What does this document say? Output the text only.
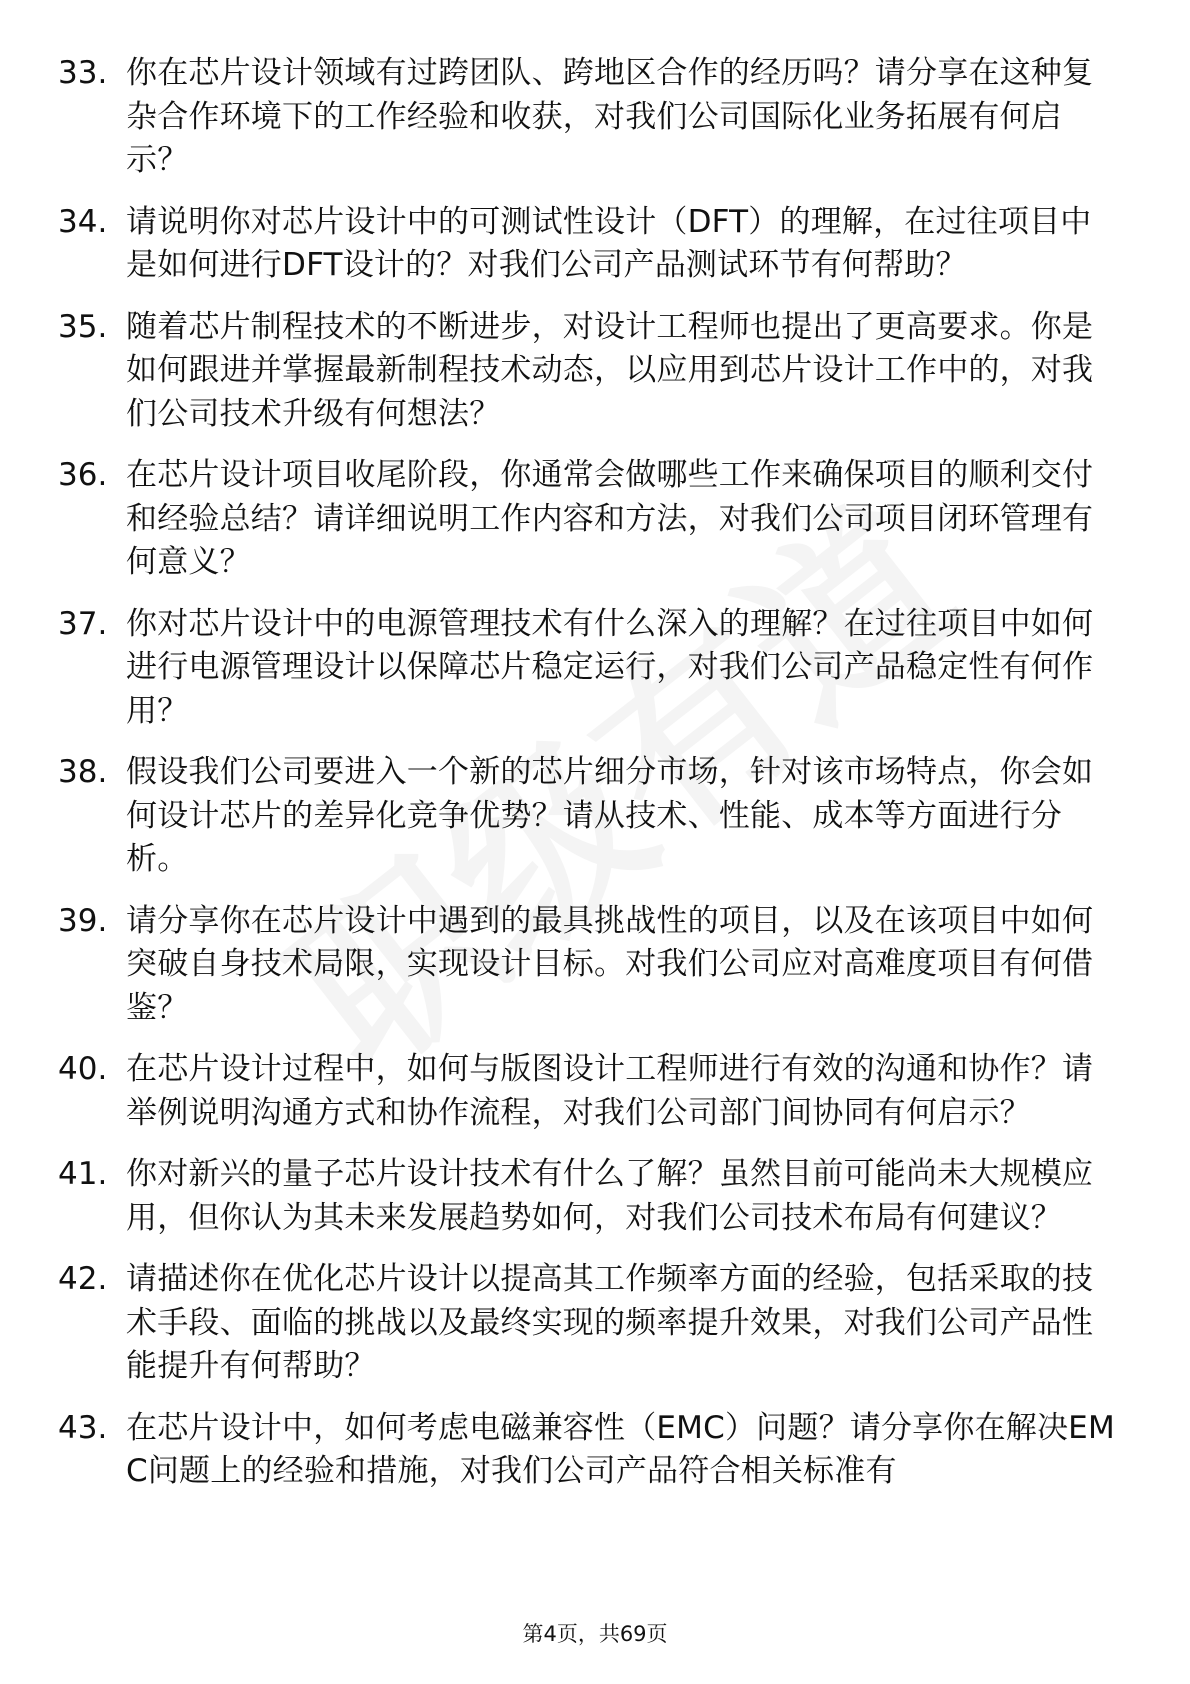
33. 你在芯片设计领域有过跨团队、跨地区合作的经历吗？请分享在这种复杂合作环境下的工作经验和收获，对我们公司国际化业务拓展有何启示？
34. 请说明你对芯片设计中的可测试性设计（DFT）的理解，在过往项目中是如何进行DFT设计的？对我们公司产品测试环节有何帮助？
35. 随着芯片制程技术的不断进步，对设计工程师也提出了更高要求。你是如何跟进并掌握最新制程技术动态，以应用到芯片设计工作中的，对我们公司技术升级有何想法？
36. 在芯片设计项目收尾阶段，你通常会做哪些工作来确保项目的顺利交付和经验总结？请详细说明工作内容和方法，对我们公司项目闭环管理有何意义？
37. 你对芯片设计中的电源管理技术有什么深入的理解？在过往项目中如何进行电源管理设计以保障芯片稳定运行，对我们公司产品稳定性有何作用？
38. 假设我们公司要进入一个新的芯片细分市场，针对该市场特点，你会如何设计芯片的差异化竞争优势？请从技术、性能、成本等方面进行分析。
39. 请分享你在芯片设计中遇到的最具挑战性的项目，以及在该项目中如何突破自身技术局限，实现设计目标。对我们公司应对高难度项目有何借鉴？
40. 在芯片设计过程中，如何与版图设计工程师进行有效的沟通和协作？请举例说明沟通方式和协作流程，对我们公司部门间协同有何启示？
41. 你对新兴的量子芯片设计技术有什么了解？虽然目前可能尚未大规模应用，但你认为其未来发展趋势如何，对我们公司技术布局有何建议？
42. 请描述你在优化芯片设计以提高其工作频率方面的经验，包括采取的技术手段、面临的挑战以及最终实现的频率提升效果，对我们公司产品性能提升有何帮助？
43. 在芯片设计中，如何考虑电磁兼容性（EMC）问题？请分享你在解决EMC问题上的经验和措施，对我们公司产品符合相关标准有
第4页，共69页
